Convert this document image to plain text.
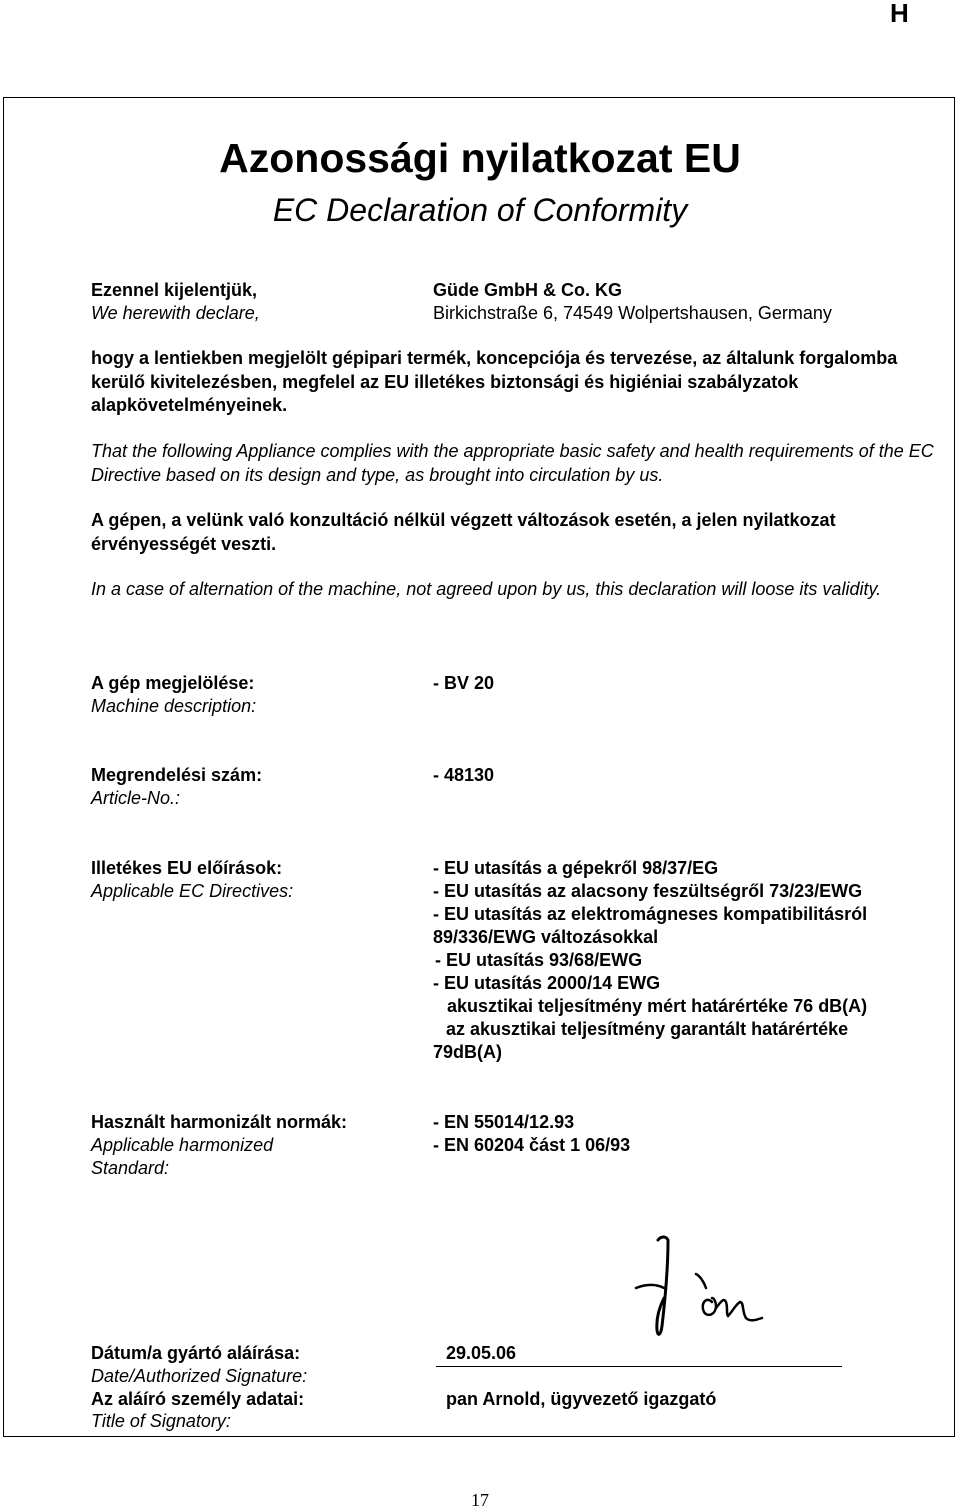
H
Azonossági nyilatkozat EU
EC Declaration of Conformity
Ezennel kijelentjük,
We herewith declare,
Güde GmbH & Co. KG
Birkichstraße 6, 74549 Wolpertshausen, Germany
hogy a lentiekben megjelölt gépipari termék, koncepciója és tervezése, az általunk forgalomba kerülő kivitelezésben, megfelel az EU illetékes biztonsági és higiéniai szabályzatok alapkövetelményeinek.
That the following Appliance complies with the appropriate basic safety and health requirements of the EC Directive based on its design and type, as brought into circulation by us.
A gépen, a velünk való konzultáció nélkül végzett változások esetén, a jelen nyilatkozat érvényességét veszti.
In a case of alternation of the machine, not agreed upon by us, this declaration will loose its validity.
A gép megjelölése:
Machine description:
- BV 20
Megrendelési szám:
Article-No.:
- 48130
Illetékes EU előírások:
Applicable EC Directives:
- EU utasítás a gépekről 98/37/EG
- EU utasítás az alacsony feszültségről 73/23/EWG
- EU utasítás az elektromágneses kompatibilitásról
89/336/EWG változásokkal
- EU utasítás 93/68/EWG
- EU utasítás 2000/14 EWG
akusztikai teljesítmény mért határértéke 76 dB(A)
az akusztikai teljesítmény garantált határértéke
79dB(A)
Használt harmonizált normák:
Applicable harmonized
Standard:
- EN 55014/12.93
- EN 60204 část 1 06/93
Dátum/a gyártó aláírása:
Date/Authorized Signature:
29.05.06
Az aláíró személy adatai:
Title of Signatory:
pan Arnold, ügyvezető igazgató
17
